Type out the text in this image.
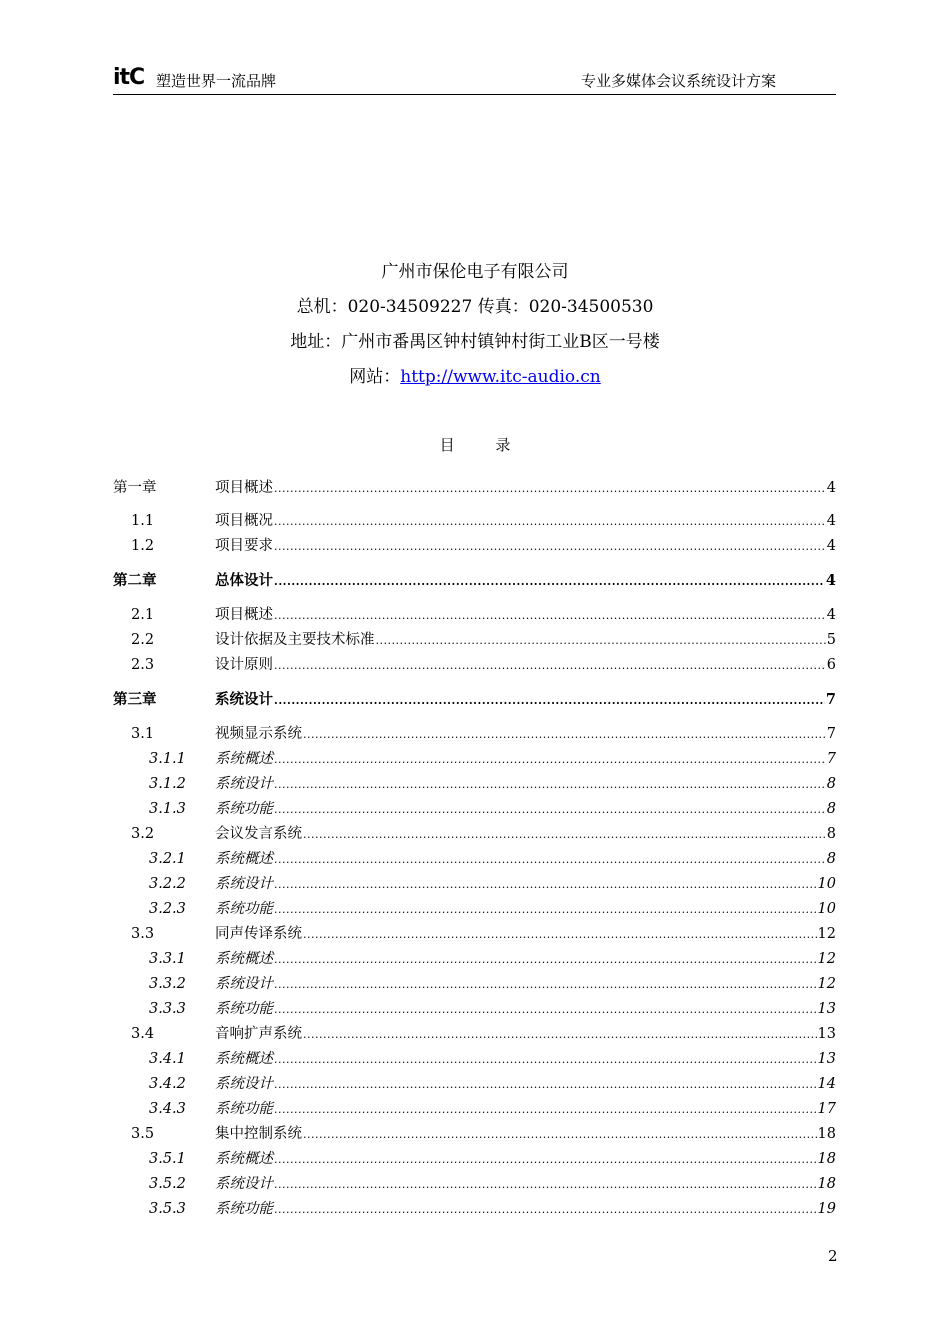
itC 塑造世界一流品牌	专业多媒体会议系统设计方案
广州市保伦电子有限公司
总机：020-34509227 传真：020-34500530
地址：广州市番禺区钟村镇钟村街工业B区一号楼
网站：http://www.itc-audio.cn
目 录
第一章	项目概述 .....	4
1.1	项目概况 .....	4
1.2	项目要求 .....	4
第二章	总体设计 .....	4
2.1	项目概述 .....	4
2.2	设计依据及主要技术标准 .....	5
2.3	设计原则 .....	6
第三章	系统设计 .....	7
3.1	视频显示系统 .....	7
3.1.1 系统概述 .....	7
3.1.2 系统设计 .....	8
3.1.3 系统功能 .....	8
3.2	会议发言系统 .....	8
3.2.1 系统概述 .....	8
3.2.2 系统设计 .....	10
3.2.3 系统功能 .....	10
3.3	同声传译系统 .....	12
3.3.1 系统概述 .....	12
3.3.2 系统设计 .....	12
3.3.3 系统功能 .....	13
3.4	音响扩声系统 .....	13
3.4.1 系统概述 .....	13
3.4.2 系统设计 .....	14
3.4.3 系统功能 .....	17
3.5	集中控制系统 .....	18
3.5.1 系统概述 .....	18
3.5.2 系统设计 .....	18
3.5.3 系统功能 .....	19
2
